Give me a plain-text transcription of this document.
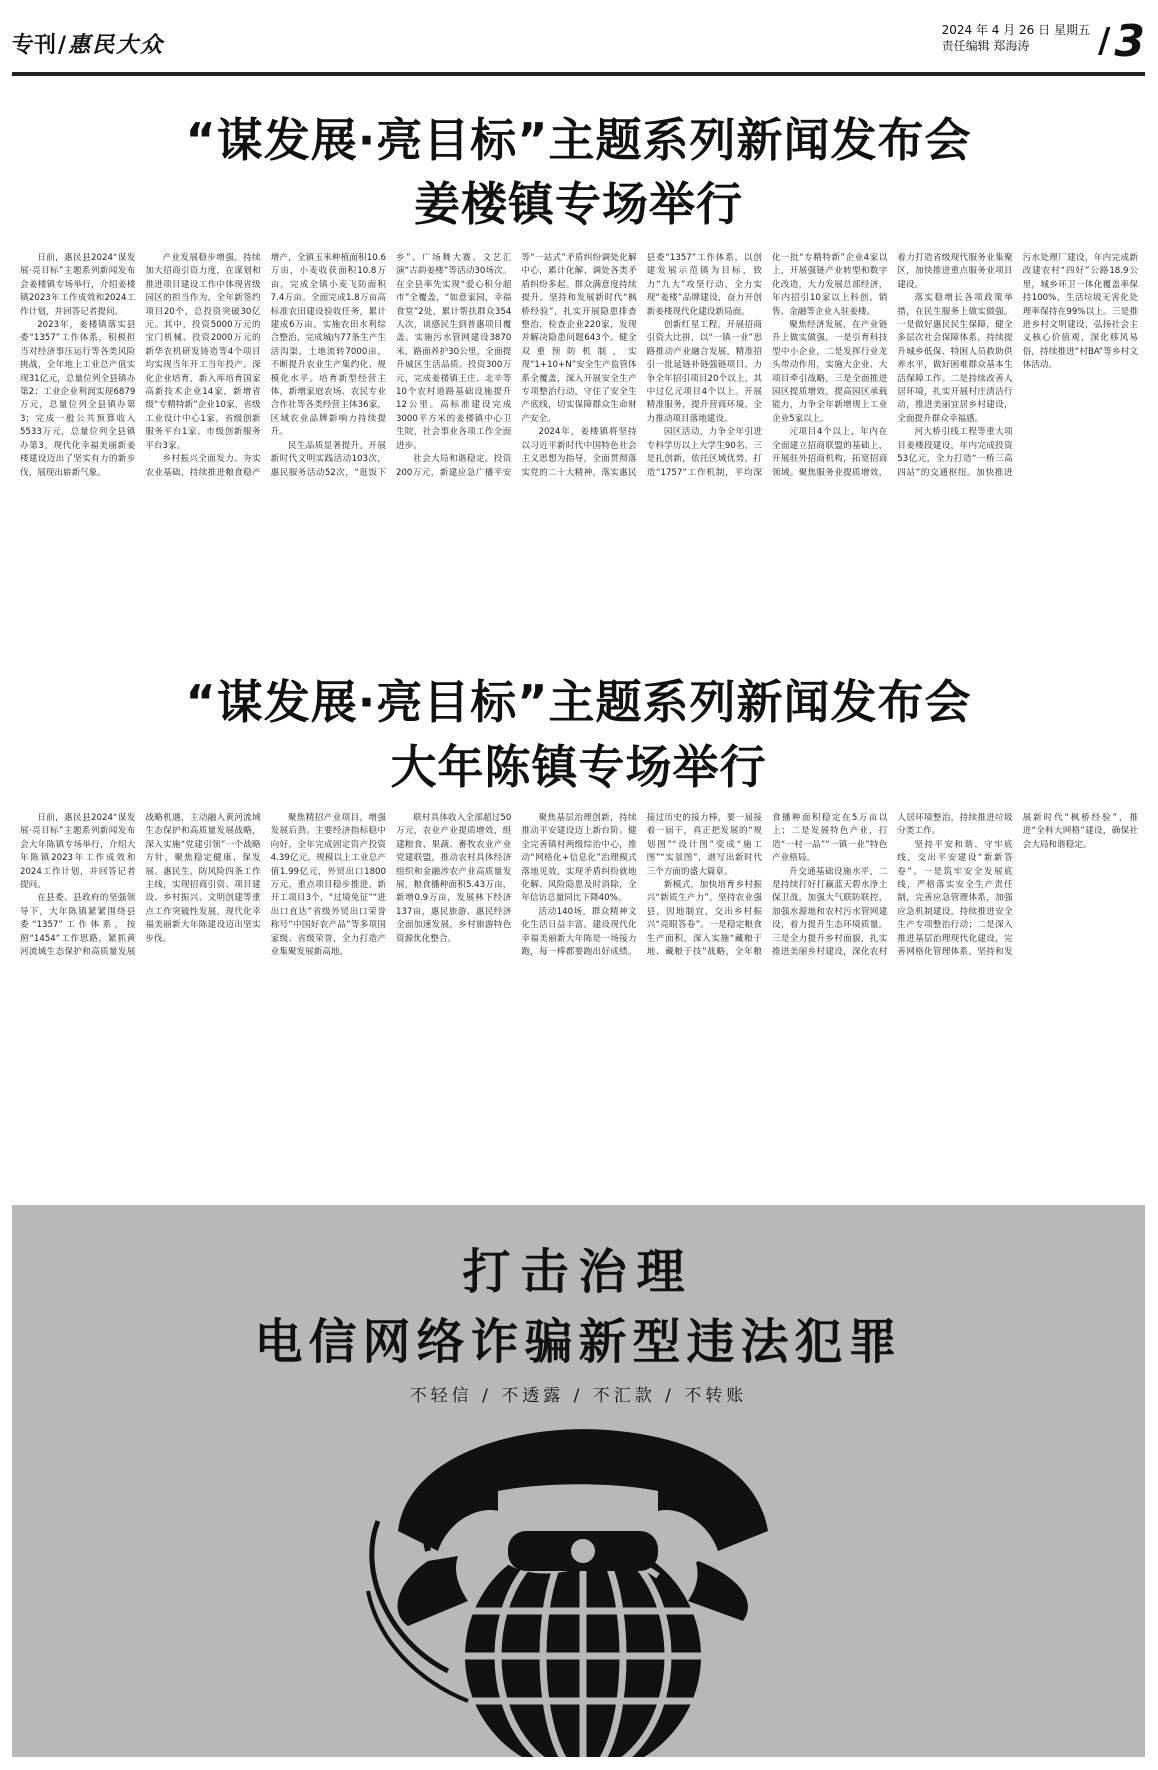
专刊/惠民大众
2024 年 4 月 26 日 星期五
责任编辑 郑海涛 /3
“谋发展·亮目标”主题系列新闻发布会
姜楼镇专场举行

日前，惠民县2024“谋发展·亮目标”主题系列新闻发布会姜楼镇专场举行，介绍姜楼镇2023年工作成效和2024工作计划，并回答记者提问。

2023年，姜楼镇落实县委“1357”工作体系，积极担当对经济事压运行等各类风险挑战，全年地上工业总产值实现31亿元，总量位列全县镇办第2；工业企业利润实现6879万元，总量位列全县镇办第3；完成一般公共预算收入5533万元，总量位列全县镇办第3。现代化幸福美丽新姜楼建设迈出了坚实有力的新步伐，展现出崭新气象。

产业发展稳步增强。持续加大招商引资力度，在谋划和推进项目建设工作中体现省级园区的担当作为，全年新签约项目20个，总投资突破30亿元。其中，投资5000万元的宝门机械、投资2000万元的新华农机研发铸造等4个项目均实现当年开工当年投产。深化企业培育，新入库培育国家高新技术企业14家，新增省级“专精特新”企业10家，省级工业设计中心1家，省级创新服务平台1家、市级创新服务平台3家。

乡村振兴全面发力。夯实农业基础，持续推进粮食稳产增产，全镇玉米种植面积10.6万亩，小麦收获面积10.8万亩，完成全镇小麦飞防面积7.4万亩。全面完成1.8万亩高标准农田建设验收任务，累计建成6万亩。实施农田水利综合整治，完成城内77条生产生活沟渠，土地流转7000亩，不断提升农业生产集约化、规模化水平。培育新型经营主体，新增家庭农场、农民专业合作社等各类经营主体36家，区域农业品牌影响力持续提升。

民生品质显著提升。开展新时代文明实践活动103次，惠民服务活动52次，“逛饭下乡”、广场舞大赛、文艺汇演“古韵姜楼”等活动30场次。在全县率先实现“爱心积分超市”全覆盖，“如意家园，幸福食堂”2处，累计帮扶群众354人次，谈感民生到普惠项目覆盖。实施污水管网建设3870米，路面养护30公里，全面提升城区生活品质。投资300万元，完成姜楼镇王庄、北辛等10个农村道路基础设施提升12公里。高标准建设完成3000平方米的姜楼镇中心卫生院，社会事业各项工作全面进步。

社会大局和谐稳定。投资200万元，新建应急广播平安等“一站式”矛盾纠纷调处化解中心，累计化解、调处各类矛盾纠纷多起。群众满意度持续提升。坚持和发展新时代“枫桥经验”，扎实开展隐患排查整治，检查企业220家，发现并解决隐患问题643个。健全双重预防机制，实现“1+10+N”安全生产监管体系全覆盖，深入开展安全生产专项整治行动，守住了安全生产底线，切实保障群众生命财产安全。

2024年，姜楼镇将坚持以习近平新时代中国特色社会主义思想为指导，全面贯彻落实党的二十大精神，落实惠民县委“1357”工作体系，以创建发展示范镇为目标，致力“九大”攻坚行动，全力实现“姜楼”品牌建设，奋力开创新姜楼现代化建设新局面。

创新红星工程，开展招商引资大比拼，以“一镇一业”思路推动产业融合发展，精准招引一批延链补链强链项目，力争全年招引项目20个以上，其中过亿元项目4个以上。开展精准服务，提升营商环境，全力推动项目落地建设。

园区活动，力争全年引进专科学历以上大学生90名，三是扎创新，依托区域优势，打造“1757”工作机制，平均深化一批“专精特新”企业4家以上，开展强链产业转型和数字化改造，大力发展总部经济，年内招引10家以上科创、销售、金融等企业入驻姜楼。

聚焦经济发展，在产业链升上做实做强，一是引育科技型中小企业，二是发挥行业龙头带动作用，实施大企业、大项目牵引战略，三是全面推进园区提质增效，提高园区承载能力，力争全年新增规上工业企业5家以上。

元项目4个以上，年内在全面建立招商联盟的基础上，开展驻外招商机构，拓宽招商领域。聚焦服务业提质增效，着力打造省级现代服务业集聚区，加快推进重点服务业项目建设。

落实稳增长各项政策举措，在民生服务上做实做强。一是做好惠民民生保障，健全多层次社会保障体系，持续提升城乡低保、特困人员救助供养水平，做好困难群众基本生活保障工作。二是持续改善人居环境，扎实开展村庄清洁行动，推进美丽宜居乡村建设，全面提升群众幸福感。

河大桥引线工程等重大项目姜楼段建设，年内完成投资53亿元，全力打造“一桥三高四站”的交通枢纽。加快推进污水处理厂建设，年内完成新改建农村“四好”公路18.9公里，城乡环卫一体化覆盖率保持100%，生活垃圾无害化处理率保持在99%以上。三是推进乡村文明建设，弘扬社会主义核心价值观，深化移风易俗，持续推进“村BA”等乡村文体活动。

“谋发展·亮目标”主题系列新闻发布会
大年陈镇专场举行

日前，惠民县2024“谋发展·亮目标”主题系列新闻发布会大年陈镇专场举行，介绍大年陈镇2023年工作成效和2024工作计划，并回答记者提问。

在县委、县政府的坚强领导下，大年陈镇紧紧围绕县委“1357”工作体系，按照“1454”工作思路，紧抓黄河流域生态保护和高质量发展战略机遇，主动融入黄河流域生态保护和高质量发展战略，深入实施“党建引领”一个战略方针，聚焦稳定健康、保发展、惠民生、防风险四条工作主线，实现招商引资、项目建设、乡村振兴、文明创建等重点工作突破性发展，现代化幸福美丽新大年陈建设迈出坚实步伐。

聚焦精招产业项目，增强发展后劲。主要经济指标稳中向好，全年完成固定资产投资4.39亿元，规模以上工业总产值1.99亿元，外贸出口1800万元，重点项目稳步推进。新开工项目3个，“过境免征”“进出口直达”省级外贸出口荣誉称号“中国好农产品”等多项国家级、省级荣誉，全力打造产业集聚发展新高地。

联村具体收入全部超过50万元，农业产业提质增效，组建粮食、果蔬、畜牧农业产业党建联盟，推动农村具体经济组织和金融涉农产业高质量发展，粮食播种面积5.43万亩，新增0.9万亩，发展林下经济137亩，惠民旅游、惠民经济全面加速发展，乡村旅游特色资源优化整合。

聚焦基层治理创新，持续推动平安建设迈上新台阶。健全完善镇村两级综治中心，推动“网格化+信息化”治理模式落地见效，实现矛盾纠纷就地化解、风险隐患及时消除，全年信访总量同比下降40%。

活动140场，群众精神文化生活日益丰富。建设现代化幸福美丽新大年陈是一场接力跑，每一棒都要跑出好成绩。接过历史的接力棒，要一届接着一届干，真正把发展的“规划图”“设计图”变成“施工图”“实景图”，谱写出新时代三个方面的盛大篇章。

新模式，加快培育乡村振兴“新质生产力”。坚持农业强县，因地制宜，交出乡村振兴“亮眼答卷”。一是稳定粮食生产面积，深入实施“藏粮于地、藏粮于技”战略，全年粮食播种面积稳定在5万亩以上；二是发展特色产业，打造“一村一品”“一镇一业”特色产业格局。

升交通基础设施水平，二是持续打好打赢蓝天碧水净土保卫战，加强大气联防联控，加强水源地和农村污水管网建设，着力提升生态环境质量。三是全力提升乡村面貌，扎实推进美丽乡村建设，深化农村人居环境整治，持续推进垃圾分类工作。

坚持平安和谐、守牢底线，交出平安建设“新新答卷”。一是筑牢安全发展底线，严格落实安全生产责任制，完善应急管理体系，加强应急机制建设，持续推进安全生产专项整治行动；二是深入推进基层治理现代化建设，完善网格化管理体系，坚持和发展新时代“枫桥经验”，推进“全科大网格”建设，确保社会大局和谐稳定。

打击治理
电信网络诈骗新型违法犯罪
不轻信 / 不透露 / 不汇款 / 不转账
